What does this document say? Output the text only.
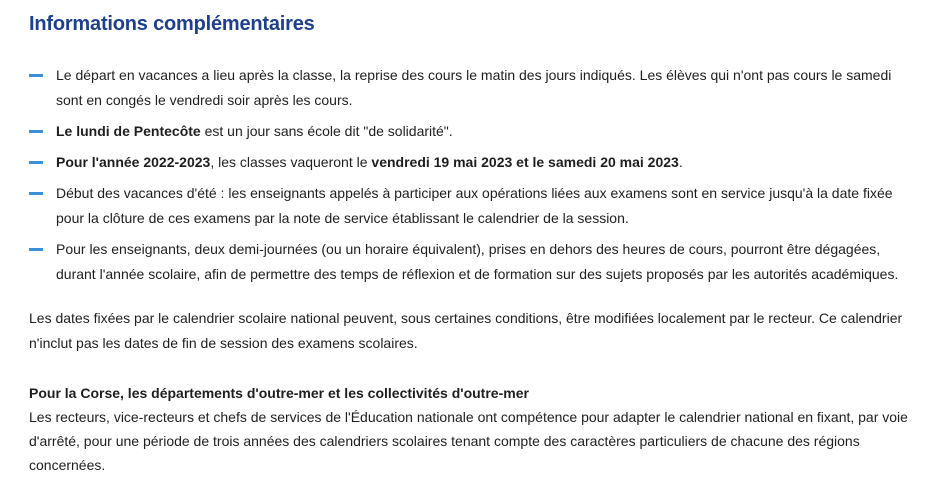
Informations complémentaires
Le départ en vacances a lieu après la classe, la reprise des cours le matin des jours indiqués. Les élèves qui n'ont pas cours le samedi sont en congés le vendredi soir après les cours.
Le lundi de Pentecôte est un jour sans école dit "de solidarité".
Pour l'année 2022-2023, les classes vaqueront le vendredi 19 mai 2023 et le samedi 20 mai 2023.
Début des vacances d'été : les enseignants appelés à participer aux opérations liées aux examens sont en service jusqu'à la date fixée pour la clôture de ces examens par la note de service établissant le calendrier de la session.
Pour les enseignants, deux demi-journées (ou un horaire équivalent), prises en dehors des heures de cours, pourront être dégagées, durant l'année scolaire, afin de permettre des temps de réflexion et de formation sur des sujets proposés par les autorités académiques.

Les dates fixées par le calendrier scolaire national peuvent, sous certaines conditions, être modifiées localement par le recteur. Ce calendrier n'inclut pas les dates de fin de session des examens scolaires.

Pour la Corse, les départements d'outre-mer et les collectivités d'outre-mer

Les recteurs, vice-recteurs et chefs de services de l'Éducation nationale ont compétence pour adapter le calendrier national en fixant, par voie d'arrêté, pour une période de trois années des calendriers scolaires tenant compte des caractères particuliers de chacune des régions concernées.
